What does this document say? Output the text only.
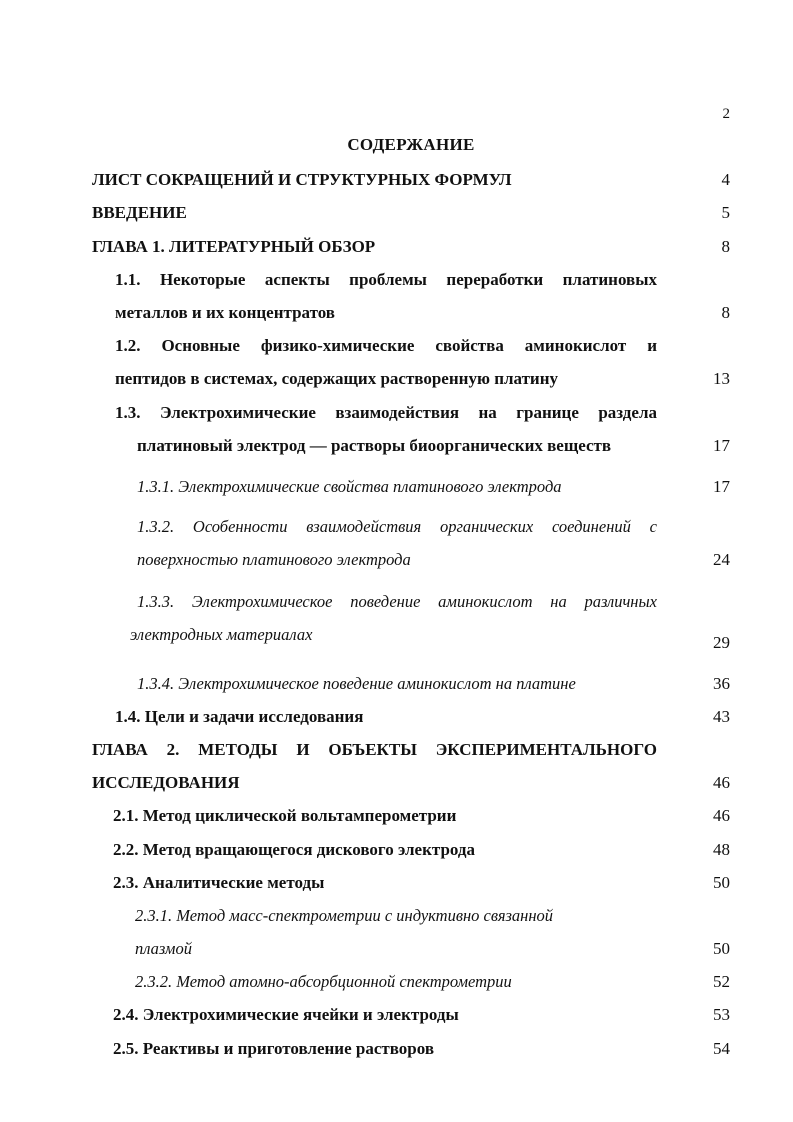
2
СОДЕРЖАНИЕ
ЛИСТ СОКРАЩЕНИЙ И СТРУКТУРНЫХ ФОРМУЛ	4
ВВЕДЕНИЕ	5
ГЛАВА 1. ЛИТЕРАТУРНЫЙ ОБЗОР	8
1.1. Некоторые аспекты проблемы переработки платиновых
металлов и их концентратов	8
1.2. Основные физико-химические свойства аминокислот и
пептидов в системах, содержащих растворенную платину	13
1.3. Электрохимические взаимодействия на границе раздела
платиновый электрод — растворы биоорганических веществ	17
1.3.1. Электрохимические свойства платинового электрода	17
1.3.2. Особенности взаимодействия органических соединений с
поверхностью платинового электрода	24
1.3.3. Электрохимическое поведение аминокислот на различных
электродных материалах	29
1.3.4. Электрохимическое поведение аминокислот на платине	36
1.4. Цели и задачи исследования	43
ГЛАВА 2. МЕТОДЫ И ОБЪЕКТЫ ЭКСПЕРИМЕНТАЛЬНОГО
ИССЛЕДОВАНИЯ	46
2.1. Метод циклической вольтамперометрии	46
2.2. Метод вращающегося дискового электрода	48
2.3. Аналитические методы	50
2.3.1. Метод масс-спектрометрии с индуктивно связанной
плазмой	50
2.3.2. Метод атомно-абсорбционной спектрометрии	52
2.4. Электрохимические ячейки и электроды	53
2.5. Реактивы и приготовление растворов	54
